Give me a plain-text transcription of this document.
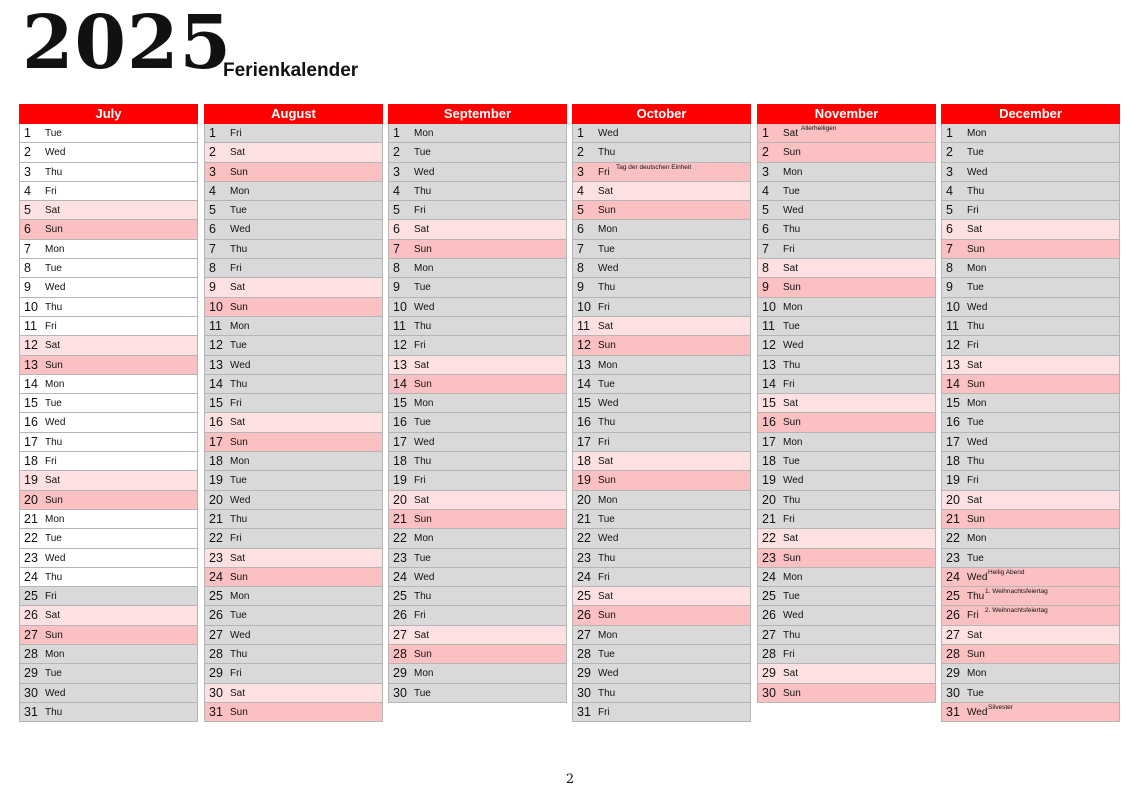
2025
Ferienkalender
July
1 Tue
2 Wed
3 Thu
4 Fri
5 Sat
6 Sun
7 Mon
8 Tue
9 Wed
10 Thu
11 Fri
12 Sat
13 Sun
14 Mon
15 Tue
16 Wed
17 Thu
18 Fri
19 Sat
20 Sun
21 Mon
22 Tue
23 Wed
24 Thu
25 Fri
26 Sat
27 Sun
28 Mon
29 Tue
30 Wed
31 Thu
August
1 Fri
2 Sat
3 Sun
4 Mon
5 Tue
6 Wed
7 Thu
8 Fri
9 Sat
10 Sun
11 Mon
12 Tue
13 Wed
14 Thu
15 Fri
16 Sat
17 Sun
18 Mon
19 Tue
20 Wed
21 Thu
22 Fri
23 Sat
24 Sun
25 Mon
26 Tue
27 Wed
28 Thu
29 Fri
30 Sat
31 Sun
September
1 Mon
2 Tue
3 Wed
4 Thu
5 Fri
6 Sat
7 Sun
8 Mon
9 Tue
10 Wed
11 Thu
12 Fri
13 Sat
14 Sun
15 Mon
16 Tue
17 Wed
18 Thu
19 Fri
20 Sat
21 Sun
22 Mon
23 Tue
24 Wed
25 Thu
26 Fri
27 Sat
28 Sun
29 Mon
30 Tue
October
1 Wed
2 Thu
3 Fri Tag der deutschen Einheit
4 Sat
5 Sun
6 Mon
7 Tue
8 Wed
9 Thu
10 Fri
11 Sat
12 Sun
13 Mon
14 Tue
15 Wed
16 Thu
17 Fri
18 Sat
19 Sun
20 Mon
21 Tue
22 Wed
23 Thu
24 Fri
25 Sat
26 Sun
27 Mon
28 Tue
29 Wed
30 Thu
31 Fri
November
1 Sat Allerheiligen
2 Sun
3 Mon
4 Tue
5 Wed
6 Thu
7 Fri
8 Sat
9 Sun
10 Mon
11 Tue
12 Wed
13 Thu
14 Fri
15 Sat
16 Sun
17 Mon
18 Tue
19 Wed
20 Thu
21 Fri
22 Sat
23 Sun
24 Mon
25 Tue
26 Wed
27 Thu
28 Fri
29 Sat
30 Sun
December
1 Mon
2 Tue
3 Wed
4 Thu
5 Fri
6 Sat
7 Sun
8 Mon
9 Tue
10 Wed
11 Thu
12 Fri
13 Sat
14 Sun
15 Mon
16 Tue
17 Wed
18 Thu
19 Fri
20 Sat
21 Sun
22 Mon
23 Tue
24 Wed Heilig Abend
25 Thu 1. Weihnachtsfeiertag
26 Fri 2. Weihnachtsfeiertag
27 Sat
28 Sun
29 Mon
30 Tue
31 Wed Silvester
2
